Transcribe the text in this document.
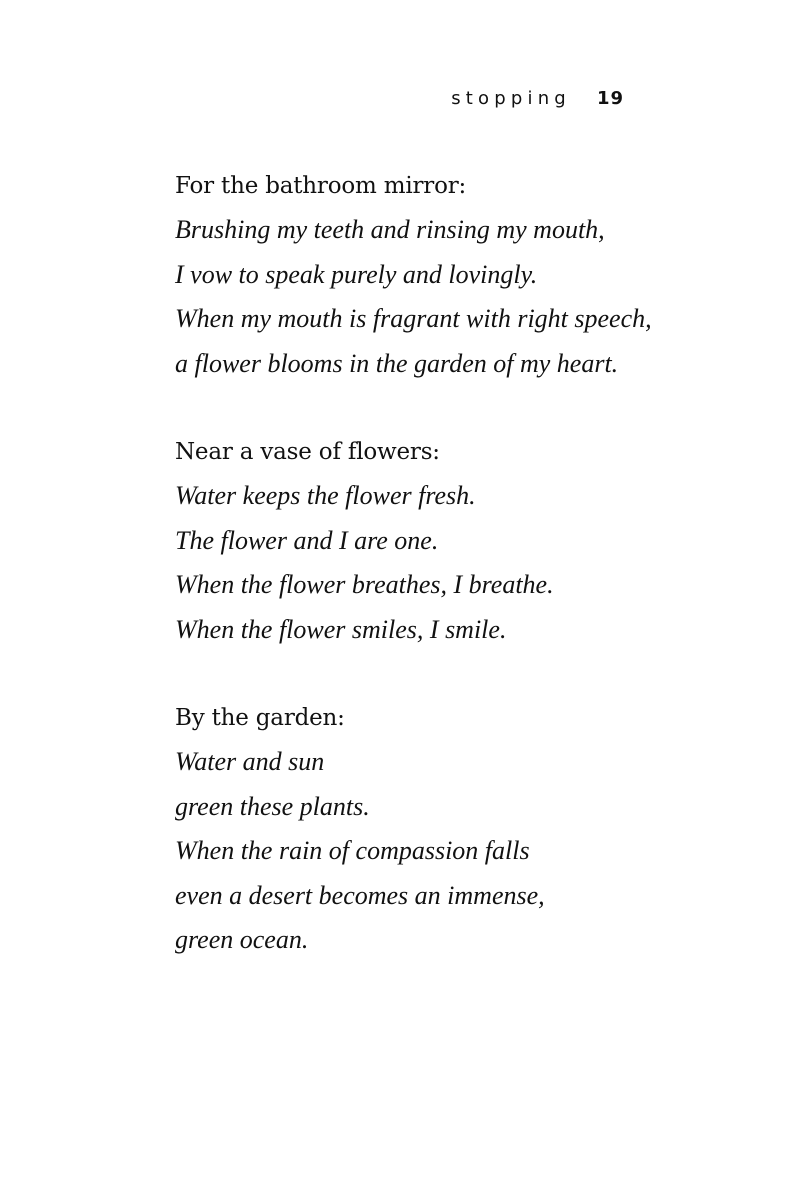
stopping 19
For the bathroom mirror:
Brushing my teeth and rinsing my mouth,
I vow to speak purely and lovingly.
When my mouth is fragrant with right speech,
a flower blooms in the garden of my heart.
Near a vase of flowers:
Water keeps the flower fresh.
The flower and I are one.
When the flower breathes, I breathe.
When the flower smiles, I smile.
By the garden:
Water and sun
green these plants.
When the rain of compassion falls
even a desert becomes an immense,
green ocean.
